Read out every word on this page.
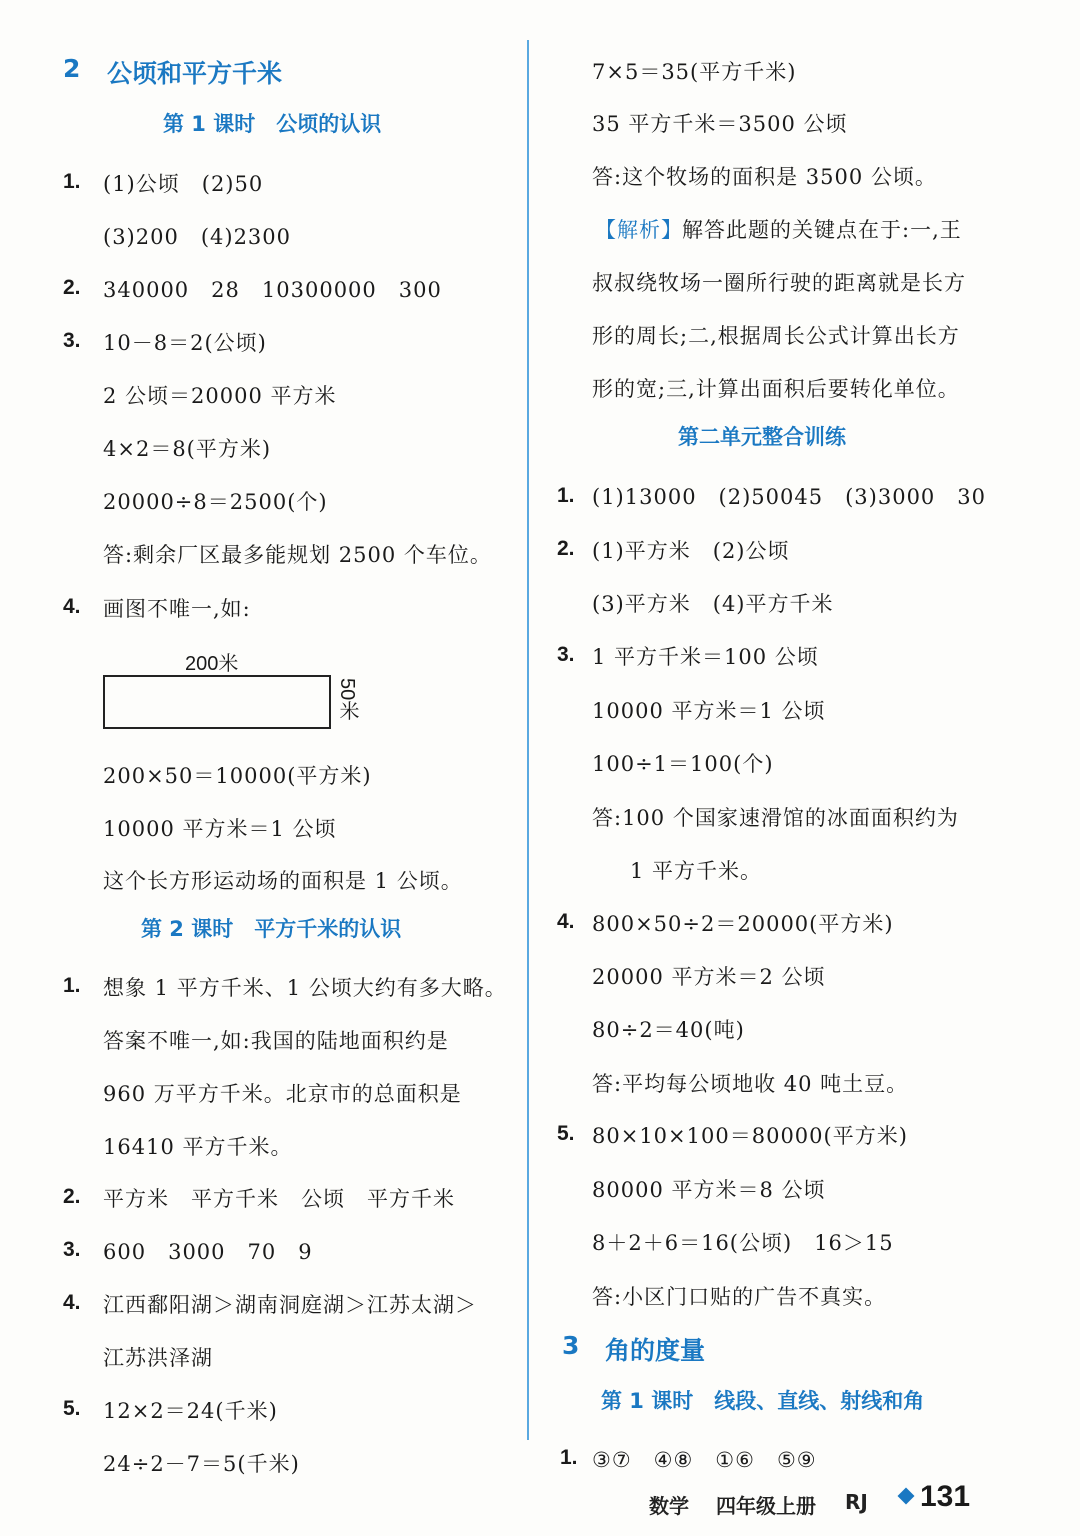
2 公顷和平方千米
第 1 课时　公顷的认识
1. (1)公顷　(2)50
(3)200　(4)2300
2. 340000　28　10300000　300
3. 10－8＝2(公顷)
2 公顷＝20000 平方米
4×2＝8(平方米)
20000÷8＝2500(个)
答:剩余厂区最多能规划 2500 个车位。
4. 画图不唯一,如:
200米
50米
200×50＝10000(平方米)
10000 平方米＝1 公顷
这个长方形运动场的面积是 1 公顷。
第 2 课时　平方千米的认识
1. 想象 1 平方千米、1 公顷大约有多大略。
答案不唯一,如:我国的陆地面积约是
960 万平方千米。北京市的总面积是
16410 平方千米。
2. 平方米　平方千米　公顷　平方千米
3. 600　3000　70　9
4. 江西鄱阳湖＞湖南洞庭湖＞江苏太湖＞
江苏洪泽湖
5. 12×2＝24(千米)
24÷2－7＝5(千米)
7×5＝35(平方千米)
35 平方千米＝3500 公顷
答:这个牧场的面积是 3500 公顷。
【解析】 解答此题的关键点在于:一,王
叔叔绕牧场一圈所行驶的距离就是长方
形的周长;二,根据周长公式计算出长方
形的宽;三,计算出面积后要转化单位。
第二单元整合训练
1. (1)13000　(2)50045　(3)3000　30
2. (1)平方米　(2)公顷
(3)平方米　(4)平方千米
3. 1 平方千米＝100 公顷
10000 平方米＝1 公顷
100÷1＝100(个)
答:100 个国家速滑馆的冰面面积约为
1 平方千米。
4. 800×50÷2＝20000(平方米)
20000 平方米＝2 公顷
80÷2＝40(吨)
答:平均每公顷地收 40 吨土豆。
5. 80×10×100＝80000(平方米)
80000 平方米＝8 公顷
8＋2＋6＝16(公顷)　16＞15
答:小区门口贴的广告不真实。
3 角的度量
第 1 课时　线段、直线、射线和角
1. ③⑦　④⑧　①⑥　⑤⑨
数学 四年级上册 RJ 131
